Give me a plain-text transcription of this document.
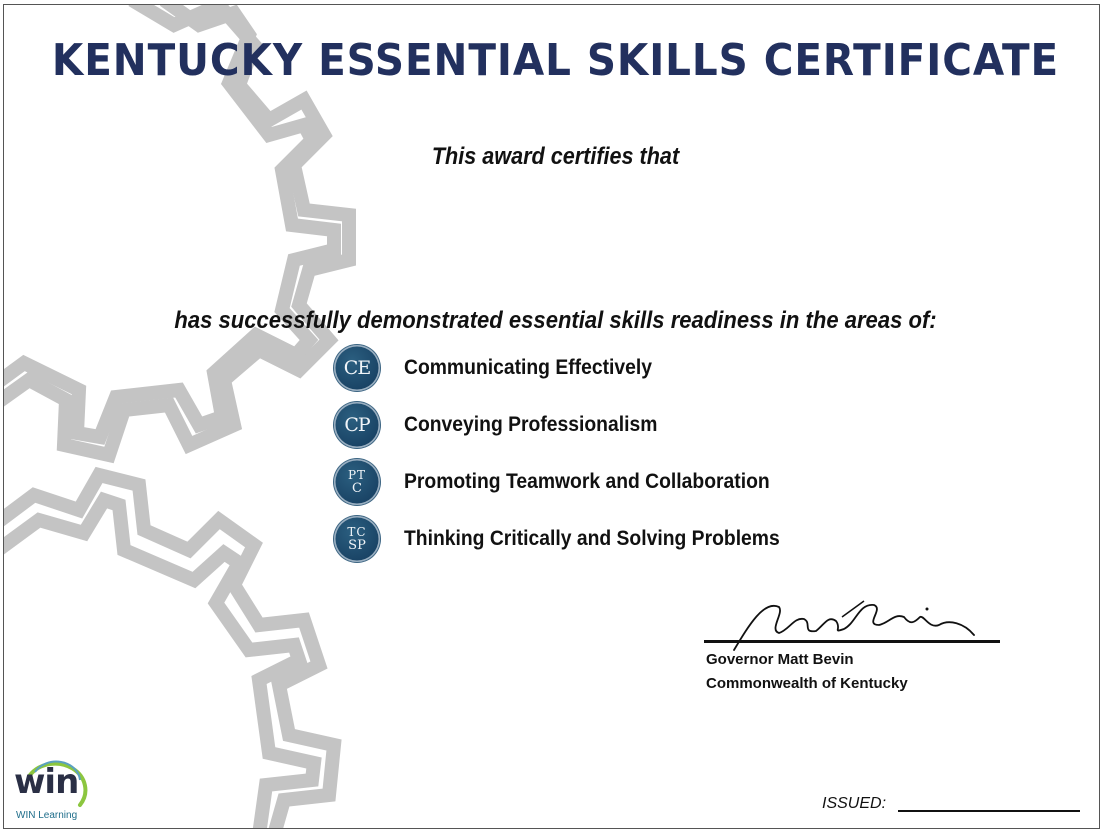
KENTUCKY ESSENTIAL SKILLS CERTIFICATE
This award certifies that
has successfully demonstrated essential skills readiness in the areas of:
CE Communicating Effectively
CP Conveying Professionalism
PT
C Promoting Teamwork and Collaboration
TC
SP Thinking Critically and Solving Problems
Governor Matt Bevin
Commonwealth of Kentucky
win
WIN Learning
ISSUED:
